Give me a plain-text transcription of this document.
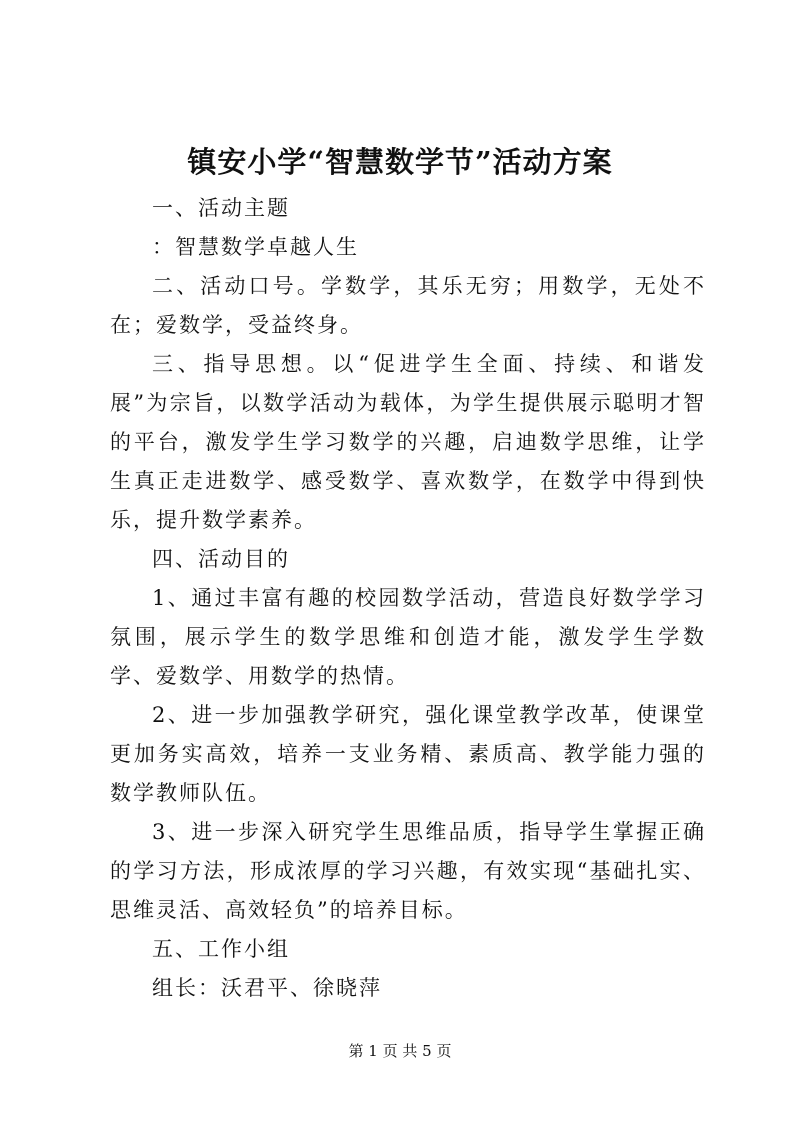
镇安小学“智慧数学节”活动方案

一、活动主题

：智慧数学卓越人生

二、活动口号。学数学，其乐无穷；用数学，无处不在；爱数学，受益终身。

三、指导思想。以“促进学生全面、持续、和谐发展”为宗旨，以数学活动为载体，为学生提供展示聪明才智的平台，激发学生学习数学的兴趣，启迪数学思维，让学生真正走进数学、感受数学、喜欢数学，在数学中得到快乐，提升数学素养。

四、活动目的

1、通过丰富有趣的校园数学活动，营造良好数学学习氛围，展示学生的数学思维和创造才能，激发学生学数学、爱数学、用数学的热情。

2、进一步加强教学研究，强化课堂教学改革，使课堂更加务实高效，培养一支业务精、素质高、教学能力强的数学教师队伍。

3、进一步深入研究学生思维品质，指导学生掌握正确的学习方法，形成浓厚的学习兴趣，有效实现“基础扎实、思维灵活、高效轻负”的培养目标。

五、工作小组

组长：沃君平、徐晓萍

第 1 页 共 5 页
